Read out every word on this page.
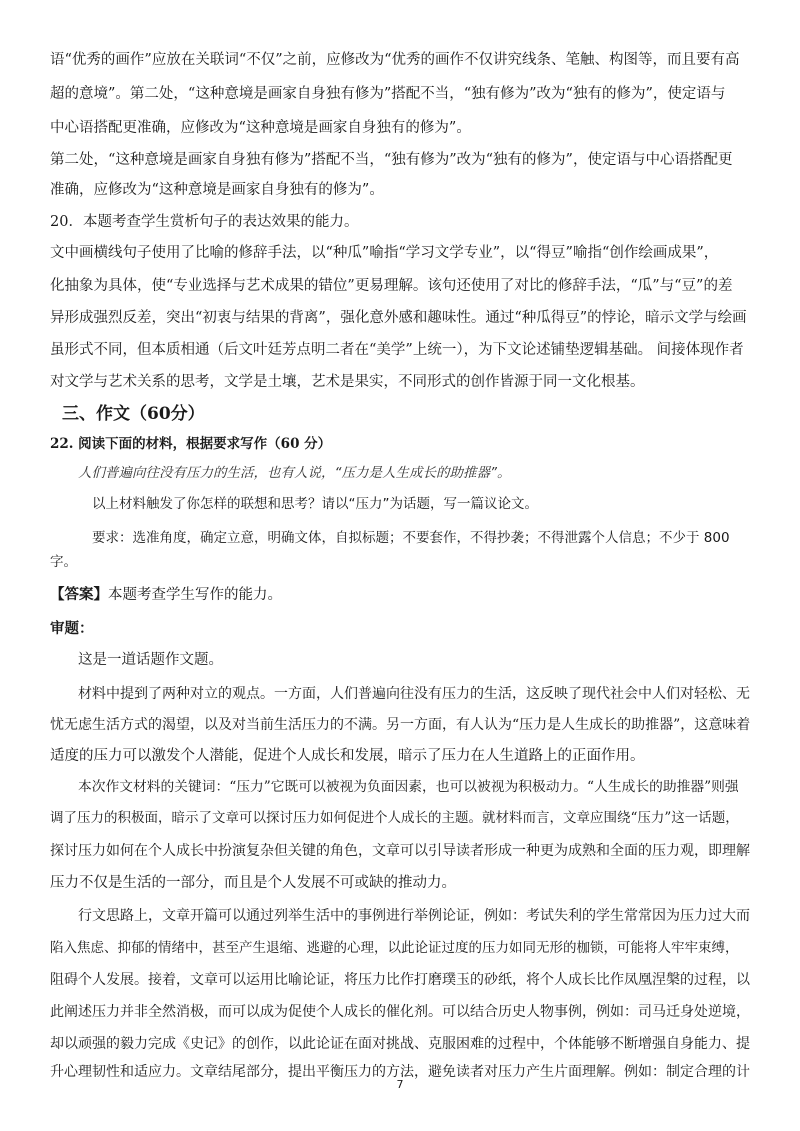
语“优秀的画作”应放在关联词“不仅”之前，应修改为“优秀的画作不仅讲究线条、笔触、构图等，而且要有高
超的意境”。第二处，“这种意境是画家自身独有修为”搭配不当，“独有修为”改为“独有的修为”，使定语与
中心语搭配更准确，应修改为“这种意境是画家自身独有的修为”。
第二处，“这种意境是画家自身独有修为”搭配不当，“独有修为”改为“独有的修为”，使定语与中心语搭配更
准确，应修改为“这种意境是画家自身独有的修为”。
20．本题考查学生赏析句子的表达效果的能力。
文中画横线句子使用了比喻的修辞手法，以“种瓜”喻指“学习文学专业”，以“得豆”喻指“创作绘画成果”，
化抽象为具体，使“专业选择与艺术成果的错位”更易理解。该句还使用了对比的修辞手法，“瓜”与“豆”的差
异形成强烈反差，突出“初衷与结果的背离”，强化意外感和趣味性。通过“种瓜得豆”的悖论，暗示文学与绘画
虽形式不同，但本质相通（后文叶廷芳点明二者在“美学”上统一），为下文论述铺垫逻辑基础。 间接体现作者
对文学与艺术关系的思考，文学是土壤，艺术是果实，不同形式的创作皆源于同一文化根基。
三、作文（60分）
22. 阅读下面的材料，根据要求写作（60 分）
人们普遍向往没有压力的生活，也有人说，“压力是人生成长的助推器”。
以上材料触发了你怎样的联想和思考？请以“压力”为话题，写一篇议论文。
要求：选准角度，确定立意，明确文体，自拟标题；不要套作，不得抄袭；不得泄露个人信息；不少于 800
字。
【答案】本题考查学生写作的能力。
审题：
这是一道话题作文题。
材料中提到了两种对立的观点。一方面，人们普遍向往没有压力的生活，这反映了现代社会中人们对轻松、无
忧无虑生活方式的渴望，以及对当前生活压力的不满。另一方面，有人认为“压力是人生成长的助推器”，这意味着
适度的压力可以激发个人潜能，促进个人成长和发展，暗示了压力在人生道路上的正面作用。
本次作文材料的关键词：“压力”它既可以被视为负面因素，也可以被视为积极动力。“人生成长的助推器”则强
调了压力的积极面，暗示了文章可以探讨压力如何促进个人成长的主题。就材料而言，文章应围绕“压力”这一话题，
探讨压力如何在个人成长中扮演复杂但关键的角色，文章可以引导读者形成一种更为成熟和全面的压力观，即理解
压力不仅是生活的一部分，而且是个人发展不可或缺的推动力。
行文思路上，文章开篇可以通过列举生活中的事例进行举例论证，例如：考试失利的学生常常因为压力过大而
陷入焦虑、抑郁的情绪中，甚至产生退缩、逃避的心理，以此论证过度的压力如同无形的枷锁，可能将人牢牢束缚，
阻碍个人发展。接着，文章可以运用比喻论证，将压力比作打磨璞玉的砂纸，将个人成长比作凤凰涅槃的过程，以
此阐述压力并非全然消极，而可以成为促使个人成长的催化剂。可以结合历史人物事例，例如：司马迁身处逆境，
却以顽强的毅力完成《史记》的创作，以此论证在面对挑战、克服困难的过程中，个体能够不断增强自身能力、提
升心理韧性和适应力。文章结尾部分，提出平衡压力的方法，避免读者对压力产生片面理解。例如：制定合理的计
7
